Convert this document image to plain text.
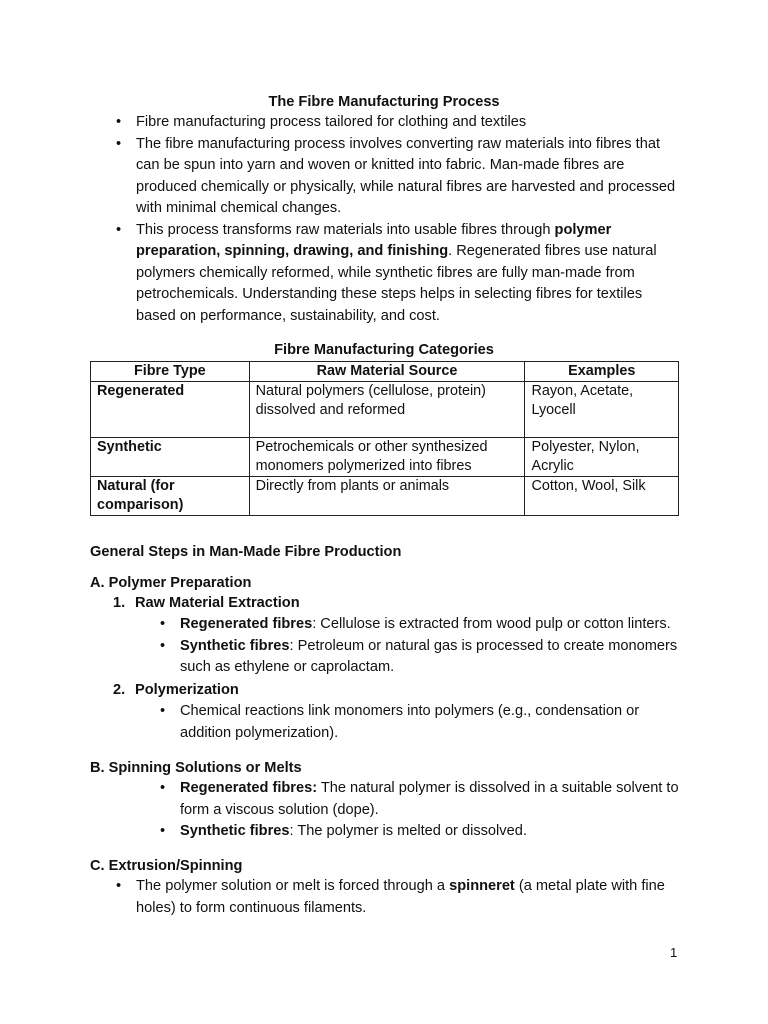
The Fibre Manufacturing Process
• Fibre manufacturing process tailored for clothing and textiles
• The fibre manufacturing process involves converting raw materials into fibres that can be spun into yarn and woven or knitted into fabric. Man-made fibres are produced chemically or physically, while natural fibres are harvested and processed with minimal chemical changes.
• This process transforms raw materials into usable fibres through polymer preparation, spinning, drawing, and finishing. Regenerated fibres use natural polymers chemically reformed, while synthetic fibres are fully man-made from petrochemicals. Understanding these steps helps in selecting fibres for textiles based on performance, sustainability, and cost.
Fibre Manufacturing Categories
Fibre Type	Raw Material Source	Examples
Regenerated	Natural polymers (cellulose, protein) dissolved and reformed	Rayon, Acetate, Lyocell
Synthetic	Petrochemicals or other synthesized monomers polymerized into fibres	Polyester, Nylon, Acrylic
Natural (for comparison)	Directly from plants or animals	Cotton, Wool, Silk
General Steps in Man-Made Fibre Production
A. Polymer Preparation
1. Raw Material Extraction
• Regenerated fibres: Cellulose is extracted from wood pulp or cotton linters.
• Synthetic fibres: Petroleum or natural gas is processed to create monomers such as ethylene or caprolactam.
2. Polymerization
• Chemical reactions link monomers into polymers (e.g., condensation or addition polymerization).
B. Spinning Solutions or Melts
• Regenerated fibres: The natural polymer is dissolved in a suitable solvent to form a viscous solution (dope).
• Synthetic fibres: The polymer is melted or dissolved.
C. Extrusion/Spinning
• The polymer solution or melt is forced through a spinneret (a metal plate with fine holes) to form continuous filaments.
1
